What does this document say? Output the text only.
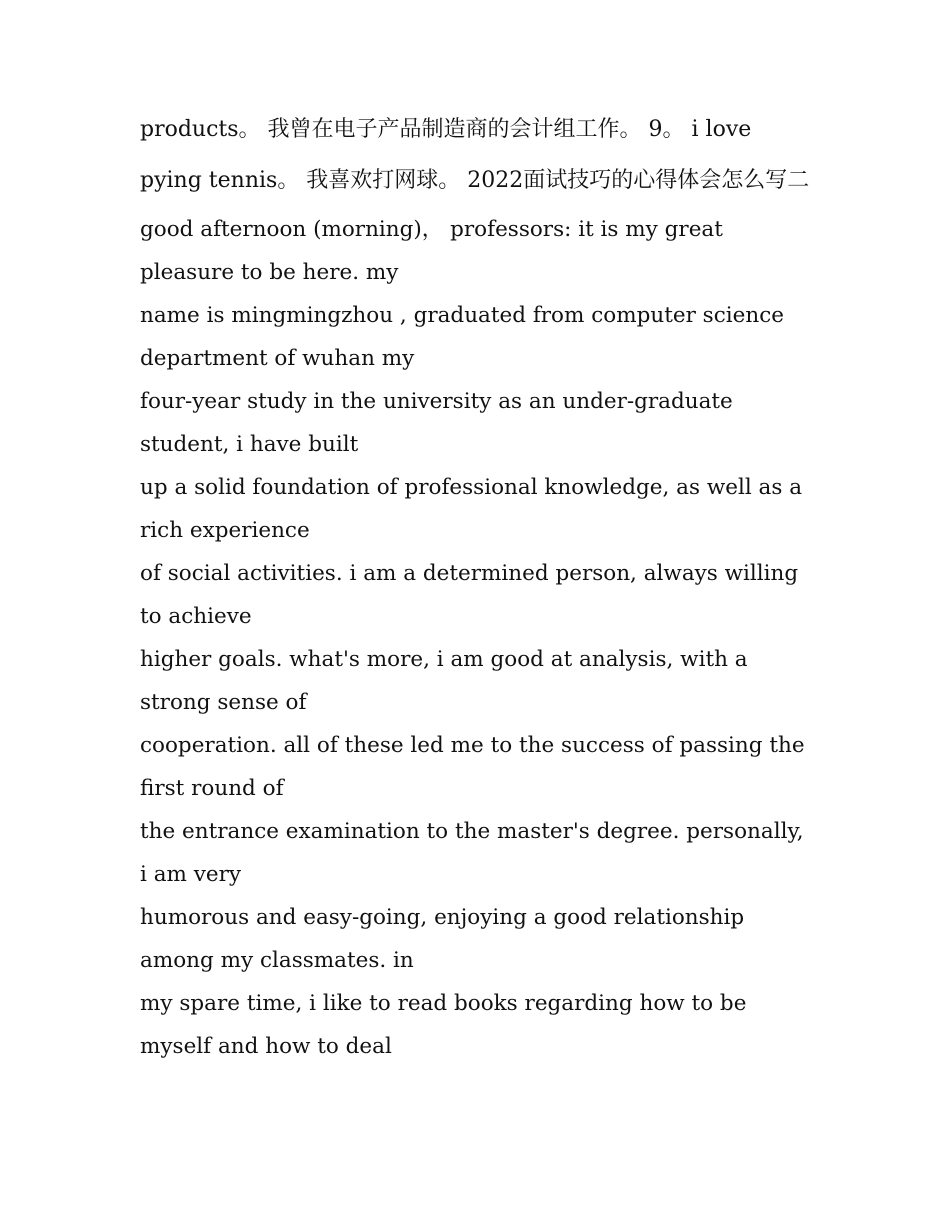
products。 我曾在电子产品制造商的会计组工作。 9。 i love pying tennis。 我喜欢打网球。 2022面试技巧的心得体会怎么写二

good afternoon (morning)， professors: it is my great pleasure to be here. my

name is mingmingzhou , graduated from computer science department of wuhan my

four-year study in the university as an under-graduate student, i have built

up a solid foundation of professional knowledge, as well as a rich experience

of social activities. i am a determined person, always willing to achieve

higher goals. what's more, i am good at analysis, with a strong sense of

cooperation. all of these led me to the success of passing the first round of

the entrance examination to the master's degree. personally, i am very

humorous and easy-going, enjoying a good relationship among my classmates. in

my spare time, i like to read books regarding how to be myself and how to deal
